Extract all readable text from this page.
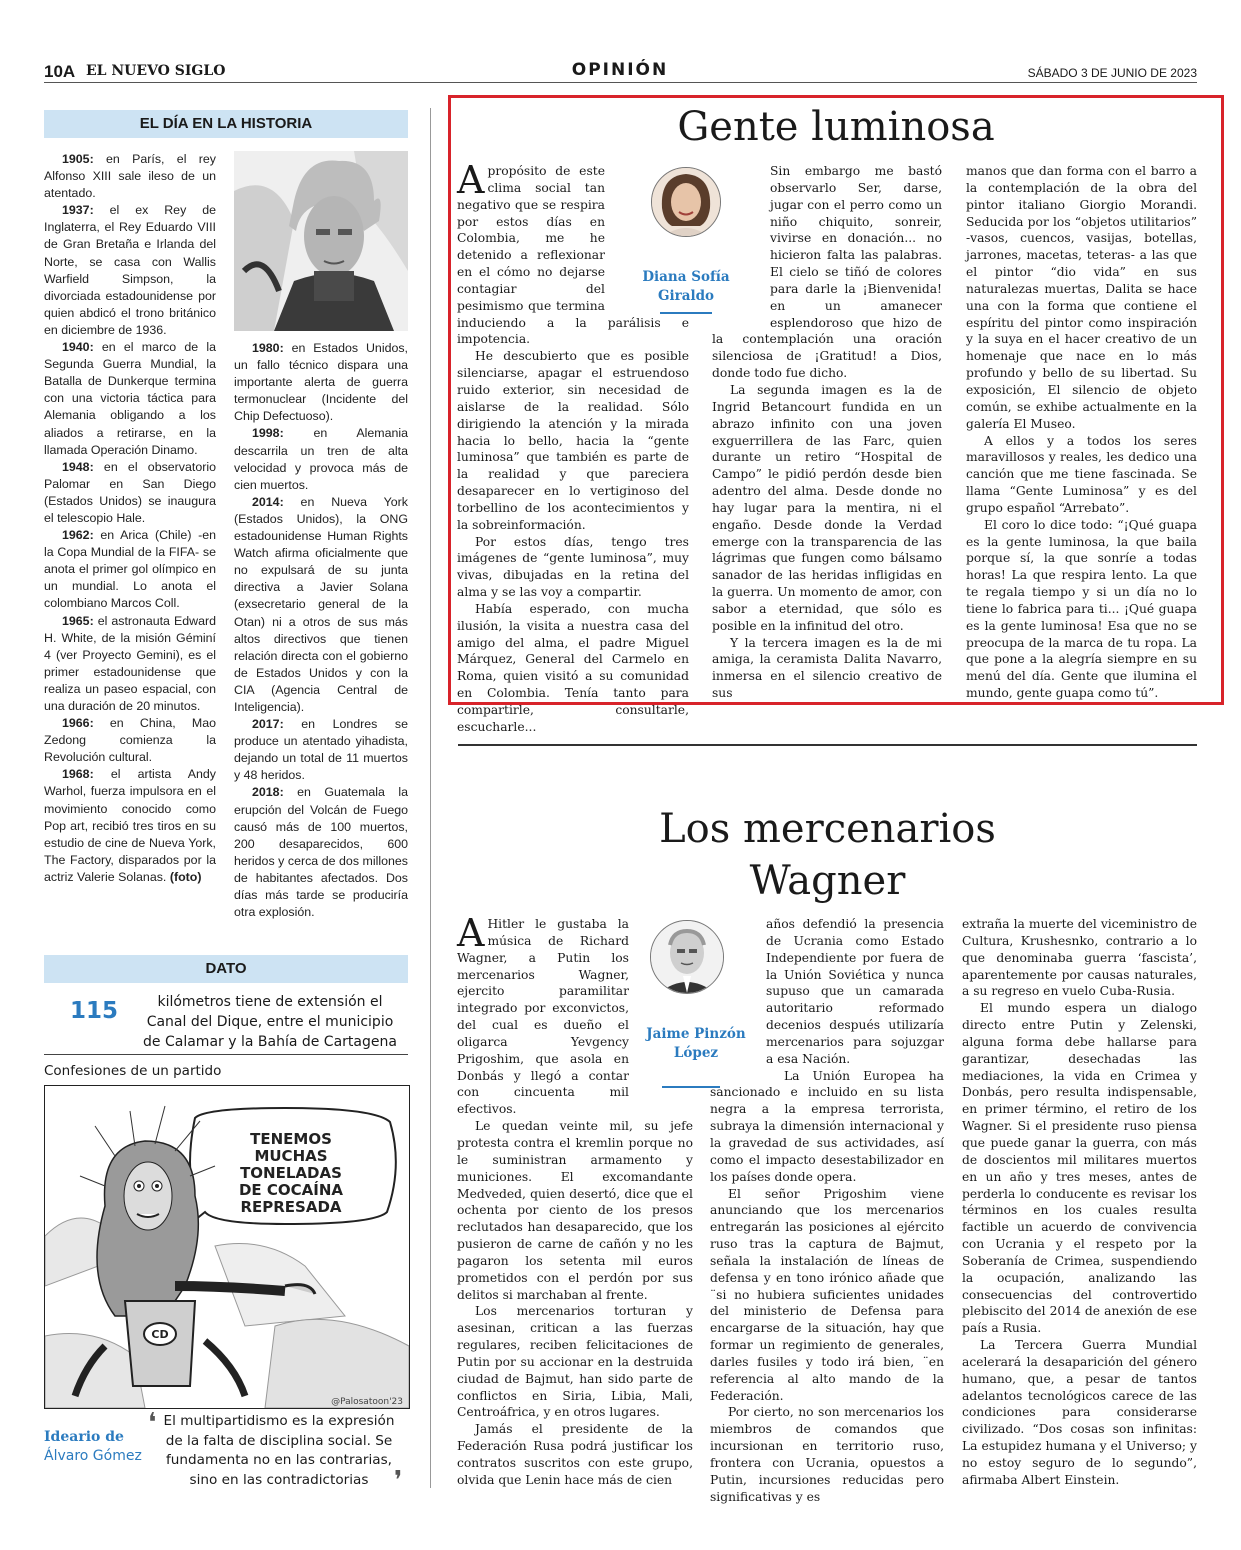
10A EL NUEVO SIGLO	OPINIÓN	SÁBADO 3 DE JUNIO DE 2023
EL DÍA EN LA HISTORIA

1905: en París, el rey Alfonso XIII sale ileso de un atentado.

1937: el ex Rey de Inglaterra, el Rey Eduardo VIII de Gran Bretaña e Irlanda del Norte, se casa con Wallis Warfield Simpson, la divorciada estadounidense por quien abdicó el trono británico en diciembre de 1936.

1940: en el marco de la Segunda Guerra Mundial, la Batalla de Dunkerque termina con una victoria táctica para Alemania obligando a los aliados a retirarse, en la llamada Operación Dinamo.

1948: en el observatorio Palomar en San Diego (Estados Unidos) se inaugura el telescopio Hale.

1962: en Arica (Chile) -en la Copa Mundial de la FIFA- se anota el primer gol olímpico en un mundial. Lo anota el colombiano Marcos Coll.

1965: el astronauta Edward H. White, de la misión Géminí 4 (ver Proyecto Gemini), es el primer estadounidense que realiza un paseo espacial, con una duración de 20 minutos.

1966: en China, Mao Zedong comienza la Revolución cultural.

1968: el artista Andy Warhol, fuerza impulsora en el movimiento conocido como Pop art, recibió tres tiros en su estudio de cine de Nueva York, The Factory, disparados por la actriz Valerie Solanas. (foto)

1980: en Estados Unidos, un fallo técnico dispara una importante alerta de guerra termonuclear (Incidente del Chip Defectuoso).

1998: en Alemania descarrila un tren de alta velocidad y provoca más de cien muertos.

2014: en Nueva York (Estados Unidos), la ONG estadounidense Human Rights Watch afirma oficialmente que no expulsará de su junta directiva a Javier Solana (exsecretario general de la Otan) ni a otros de sus más altos directivos que tienen relación directa con el gobierno de Estados Unidos y con la CIA (Agencia Central de Inteligencia).

2017: en Londres se produce un atentado yihadista, dejando un total de 11 muertos y 48 heridos.

2018: en Guatemala la erupción del Volcán de Fuego causó más de 100 muertos, 200 desaparecidos, 600 heridos y cerca de dos millones de habitantes afectados. Dos días más tarde se produciría otra explosión.

DATO
115	kilómetros tiene de extensión el Canal del Dique, entre el municipio de Calamar y la Bahía de Cartagena
Confesiones de un partido
TENEMOS
MUCHAS
TONELADAS
DE COCAÍNA
REPRESADA
CD
@Palosatoon'23
Ideario de
Álvaro Gómez
❛ El multipartidismo es la expresión de la falta de disciplina social. Se fundamenta no en las contrarias, sino en las contradictorias ❜
Gente luminosa

Apropósito de este clima social tan negativo que se respira por estos días en Colombia, me he detenido a reflexionar en el cómo no dejarse contagiar del pesimismo que termina induciendo a la parálisis e impotencia.

He descubierto que es posible silenciarse, apagar el estruendoso ruido exterior, sin necesidad de aislarse de la realidad. Sólo dirigiendo la atención y la mirada hacia lo bello, hacia la “gente luminosa” que también es parte de la realidad y que pareciera desaparecer en lo vertiginoso del torbellino de los acontecimientos y la sobreinformación.

Por estos días, tengo tres imágenes de “gente luminosa”, muy vivas, dibujadas en la retina del alma y se las voy a compartir.

Había esperado, con mucha ilusión, la visita a nuestra casa del amigo del alma, el padre Miguel Márquez, General del Carmelo en Roma, quien visitó a su comunidad en Colombia. Tenía tanto para compartirle, consultarle, escucharle...

Diana Sofía Giraldo

Sin embargo me bastó observarlo Ser, darse, jugar con el perro como un niño chiquito, sonreir, vivirse en donación... no hicieron falta las palabras. El cielo se tiñó de colores para darle la ¡Bienvenida! en un amanecer esplendoroso que hizo de la contemplación una oración silenciosa de ¡Gratitud! a Dios, donde todo fue dicho.

La segunda imagen es la de Ingrid Betancourt fundida en un abrazo infinito con una joven exguerrillera de las Farc, quien durante un retiro “Hospital de Campo” le pidió perdón desde bien adentro del alma. Desde donde no hay lugar para la mentira, ni el engaño. Desde donde la Verdad emerge con la transparencia de las lágrimas que fungen como bálsamo sanador de las heridas infligidas en la guerra. Un momento de amor, con sabor a eternidad, que sólo es posible en la infinitud del otro.

Y la tercera imagen es la de mi amiga, la ceramista Dalita Navarro, inmersa en el silencio creativo de sus

manos que dan forma con el barro a la contemplación de la obra del pintor italiano Giorgio Morandi. Seducida por los “objetos utilitarios” -vasos, cuencos, vasijas, botellas, jarrones, macetas, teteras- a las que el pintor “dio vida” en sus naturalezas muertas, Dalita se hace una con la forma que contiene el espíritu del pintor como inspiración y la suya en el hacer creativo de un homenaje que nace en lo más profundo y bello de su libertad. Su exposición, El silencio de objeto común, se exhibe actualmente en la galería El Museo.

A ellos y a todos los seres maravillosos y reales, les dedico una canción que me tiene fascinada. Se llama “Gente Luminosa” y es del grupo español “Arrebato”.

El coro lo dice todo: “¡Qué guapa es la gente luminosa, la que baila porque sí, la que sonríe a todas horas! La que respira lento. La que te regala tiempo y si un día no lo tiene lo fabrica para ti... ¡Qué guapa es la gente luminosa! Esa que no se preocupa de la marca de tu ropa. La que pone a la alegría siempre en su menú del día. Gente que ilumina el mundo, gente guapa como tú”.

Los mercenarios
Wagner

A Hitler le gustaba la música de Richard Wagner, a Putin los mercenarios Wagner, ejercito paramilitar integrado por exconvictos, del cual es dueño el oligarca Yevgency Prigoshim, que asola en Donbás y llegó a contar con cincuenta mil efectivos.

Le quedan veinte mil, su jefe protesta contra el kremlin porque no le suministran armamento y municiones. El excomandante Medveded, quien desertó, dice que el ochenta por ciento de los presos reclutados han desaparecido, que los pusieron de carne de cañón y no les pagaron los setenta mil euros prometidos con el perdón por sus delitos si marchaban al frente.

Los mercenarios torturan y asesinan, critican a las fuerzas regulares, reciben felicitaciones de Putin por su accionar en la destruida ciudad de Bajmut, han sido parte de conflictos en Siria, Libia, Mali, Centroáfrica, y en otros lugares.

Jamás el presidente de la Federación Rusa podrá justificar los contratos suscritos con este grupo, olvida que Lenin hace más de cien

Jaime Pinzón López

años defendió la presencia de Ucrania como Estado Independiente por fuera de la Unión Soviética y nunca supuso que un camarada autoritario reformado decenios después utilizaría mercenarios para sojuzgar a esa Nación.

La Unión Europea ha sancionado e incluido en su lista negra a la empresa terrorista, subraya la dimensión internacional y la gravedad de sus actividades, así como el impacto desestabilizador en los países donde opera.

El señor Prigoshim viene anunciando que los mercenarios entregarán las posiciones al ejército ruso tras la captura de Bajmut, señala la instalación de líneas de defensa y en tono irónico añade que ¨si no hubiera suficientes unidades del ministerio de Defensa para encargarse de la situación, hay que formar un regimiento de generales, darles fusiles y todo irá bien, ¨en referencia al alto mando de la Federación.

Por cierto, no son mercenarios los miembros de comandos que incursionan en territorio ruso, frontera con Ucrania, opuestos a Putin, incursiones reducidas pero significativas y es

extraña la muerte del viceministro de Cultura, Krushesnko, contrario a lo que denominaba guerra ‘fascista’, aparentemente por causas naturales, a su regreso en vuelo Cuba-Rusia.

El mundo espera un dialogo directo entre Putin y Zelenski, alguna forma debe hallarse para garantizar, desechadas las mediaciones, la vida en Crimea y Donbás, pero resulta indispensable, en primer término, el retiro de los Wagner. Si el presidente ruso piensa que puede ganar la guerra, con más de doscientos mil militares muertos en un año y tres meses, antes de perderla lo conducente es revisar los términos en los cuales resulta factible un acuerdo de convivencia con Ucrania y el respeto por la Soberanía de Crimea, suspendiendo la ocupación, analizando las consecuencias del controvertido plebiscito del 2014 de anexión de ese país a Rusia.

La Tercera Guerra Mundial acelerará la desaparición del género humano, que, a pesar de tantos adelantos tecnológicos carece de las condiciones para considerarse civilizado. “Dos cosas son infinitas: La estupidez humana y el Universo; y no estoy seguro de lo segundo”, afirmaba Albert Einstein.
